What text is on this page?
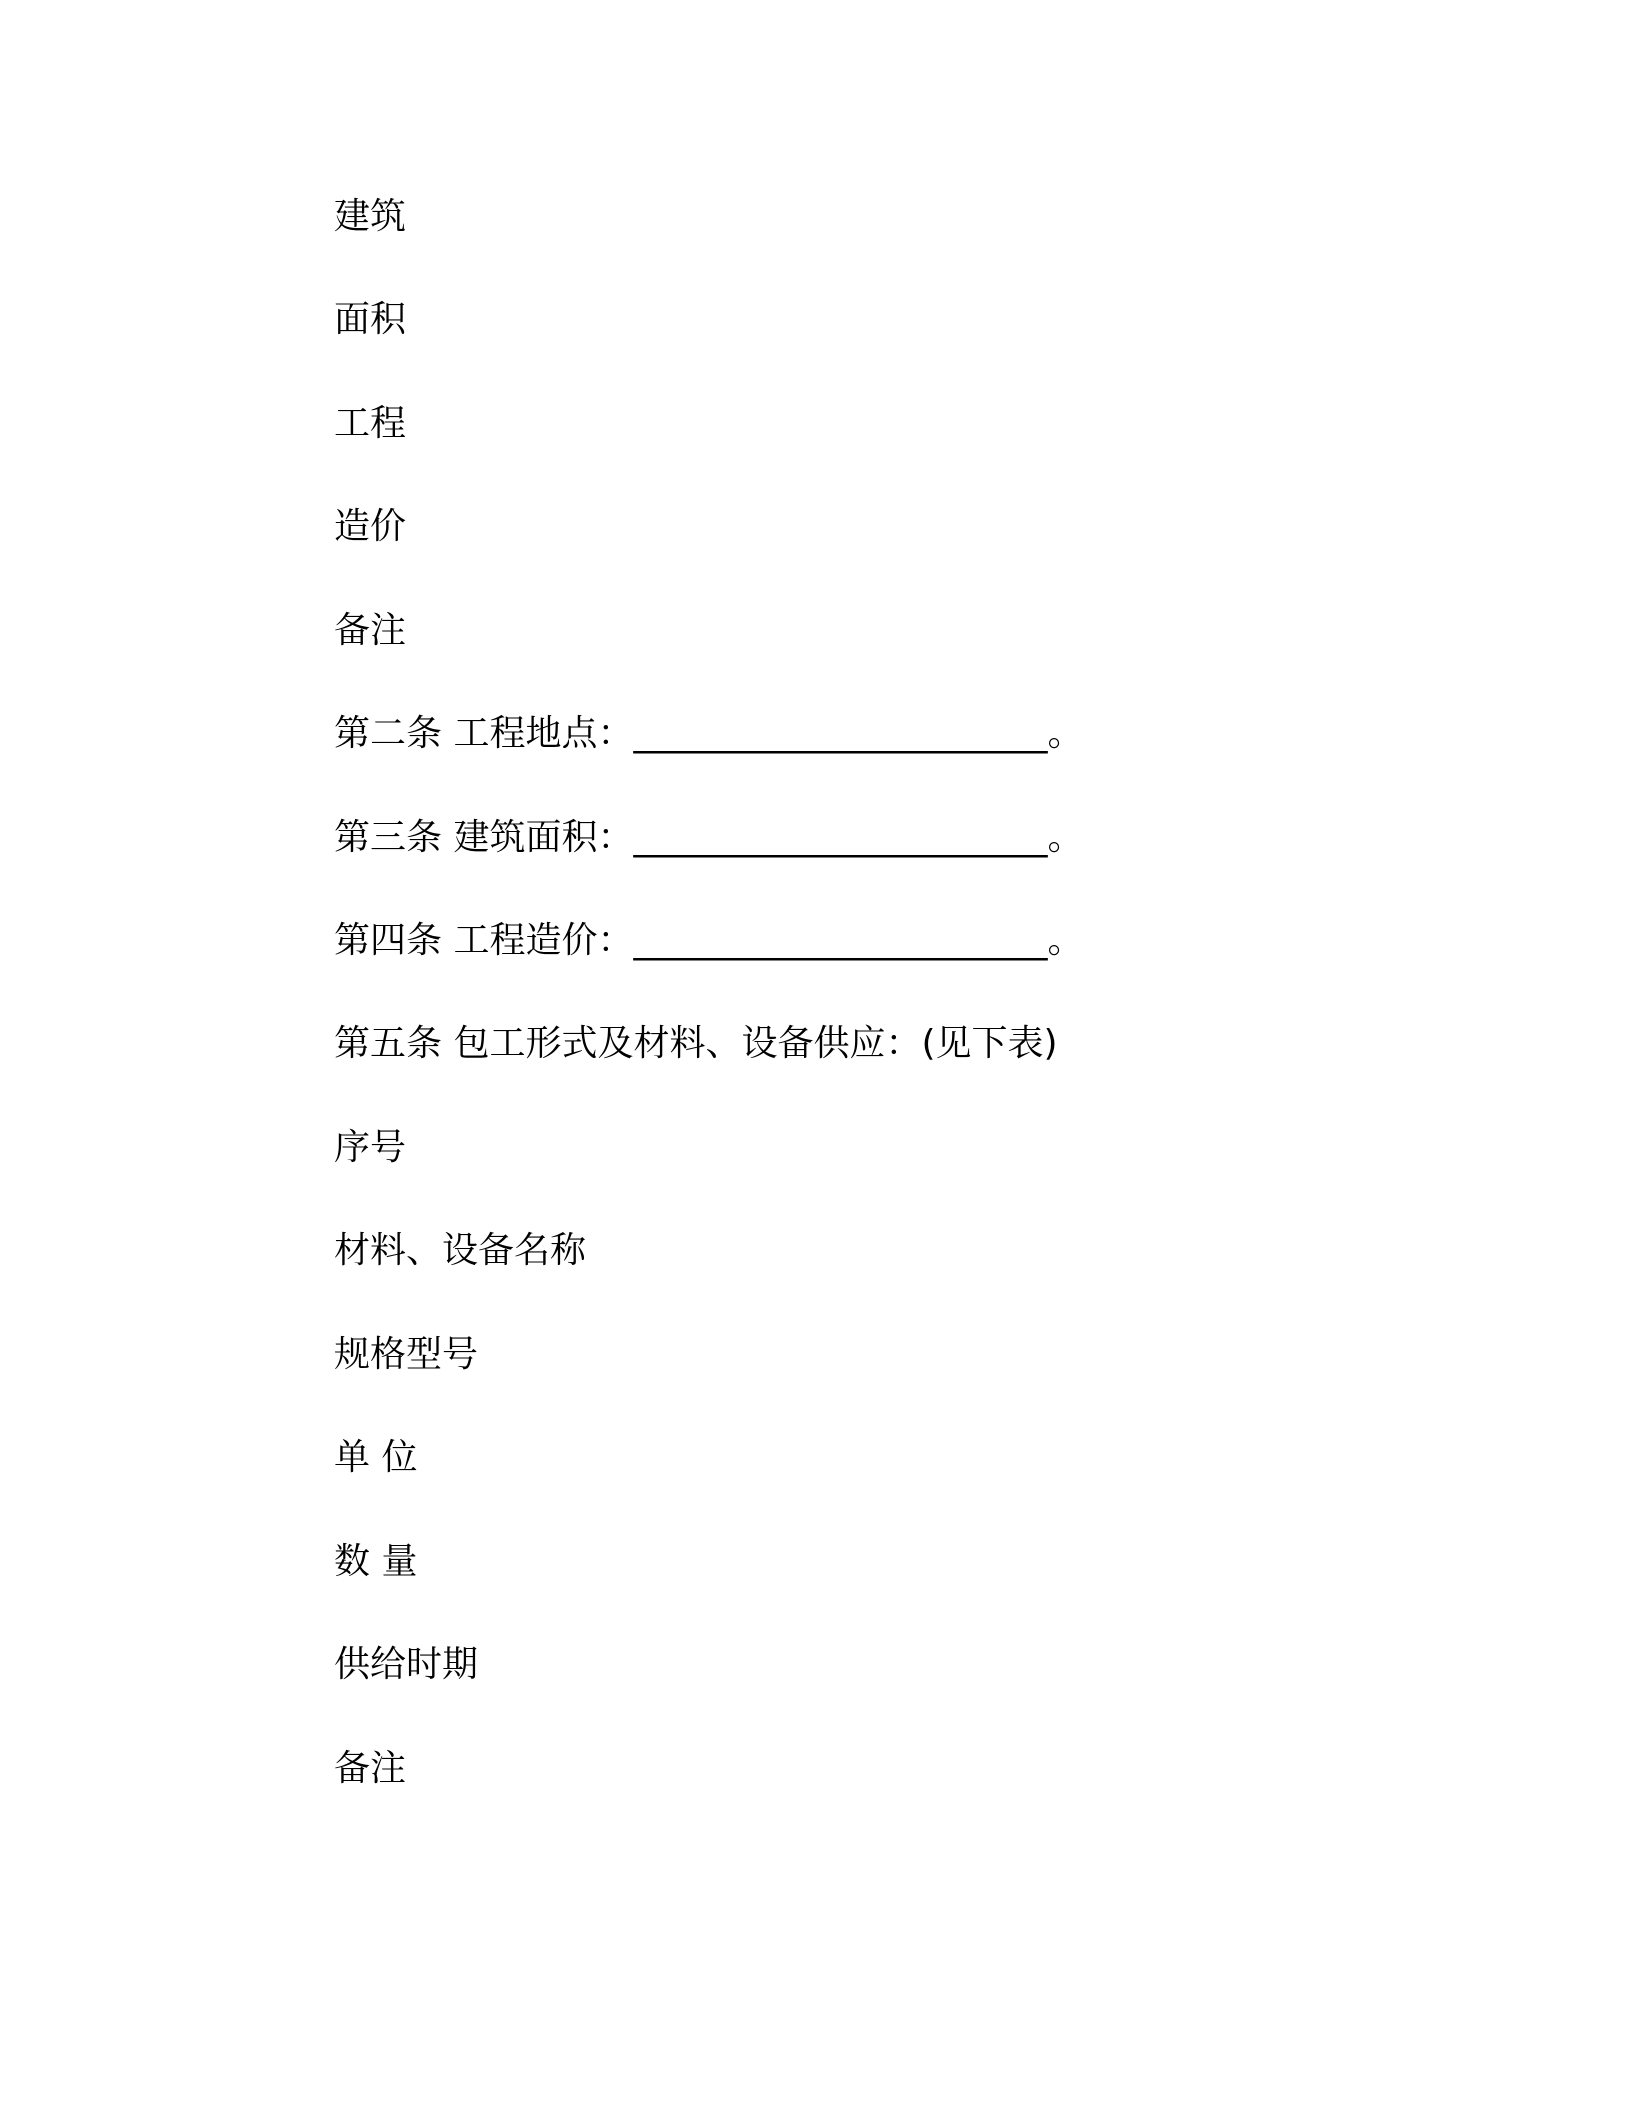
建筑
面积
工程
造价
备注
第二条 工程地点：_______________________。
第三条 建筑面积：_______________________。
第四条 工程造价：_______________________。
第五条 包工形式及材料、设备供应：(见下表)
序号
材料、设备名称
规格型号
单 位
数 量
供给时期
备注
